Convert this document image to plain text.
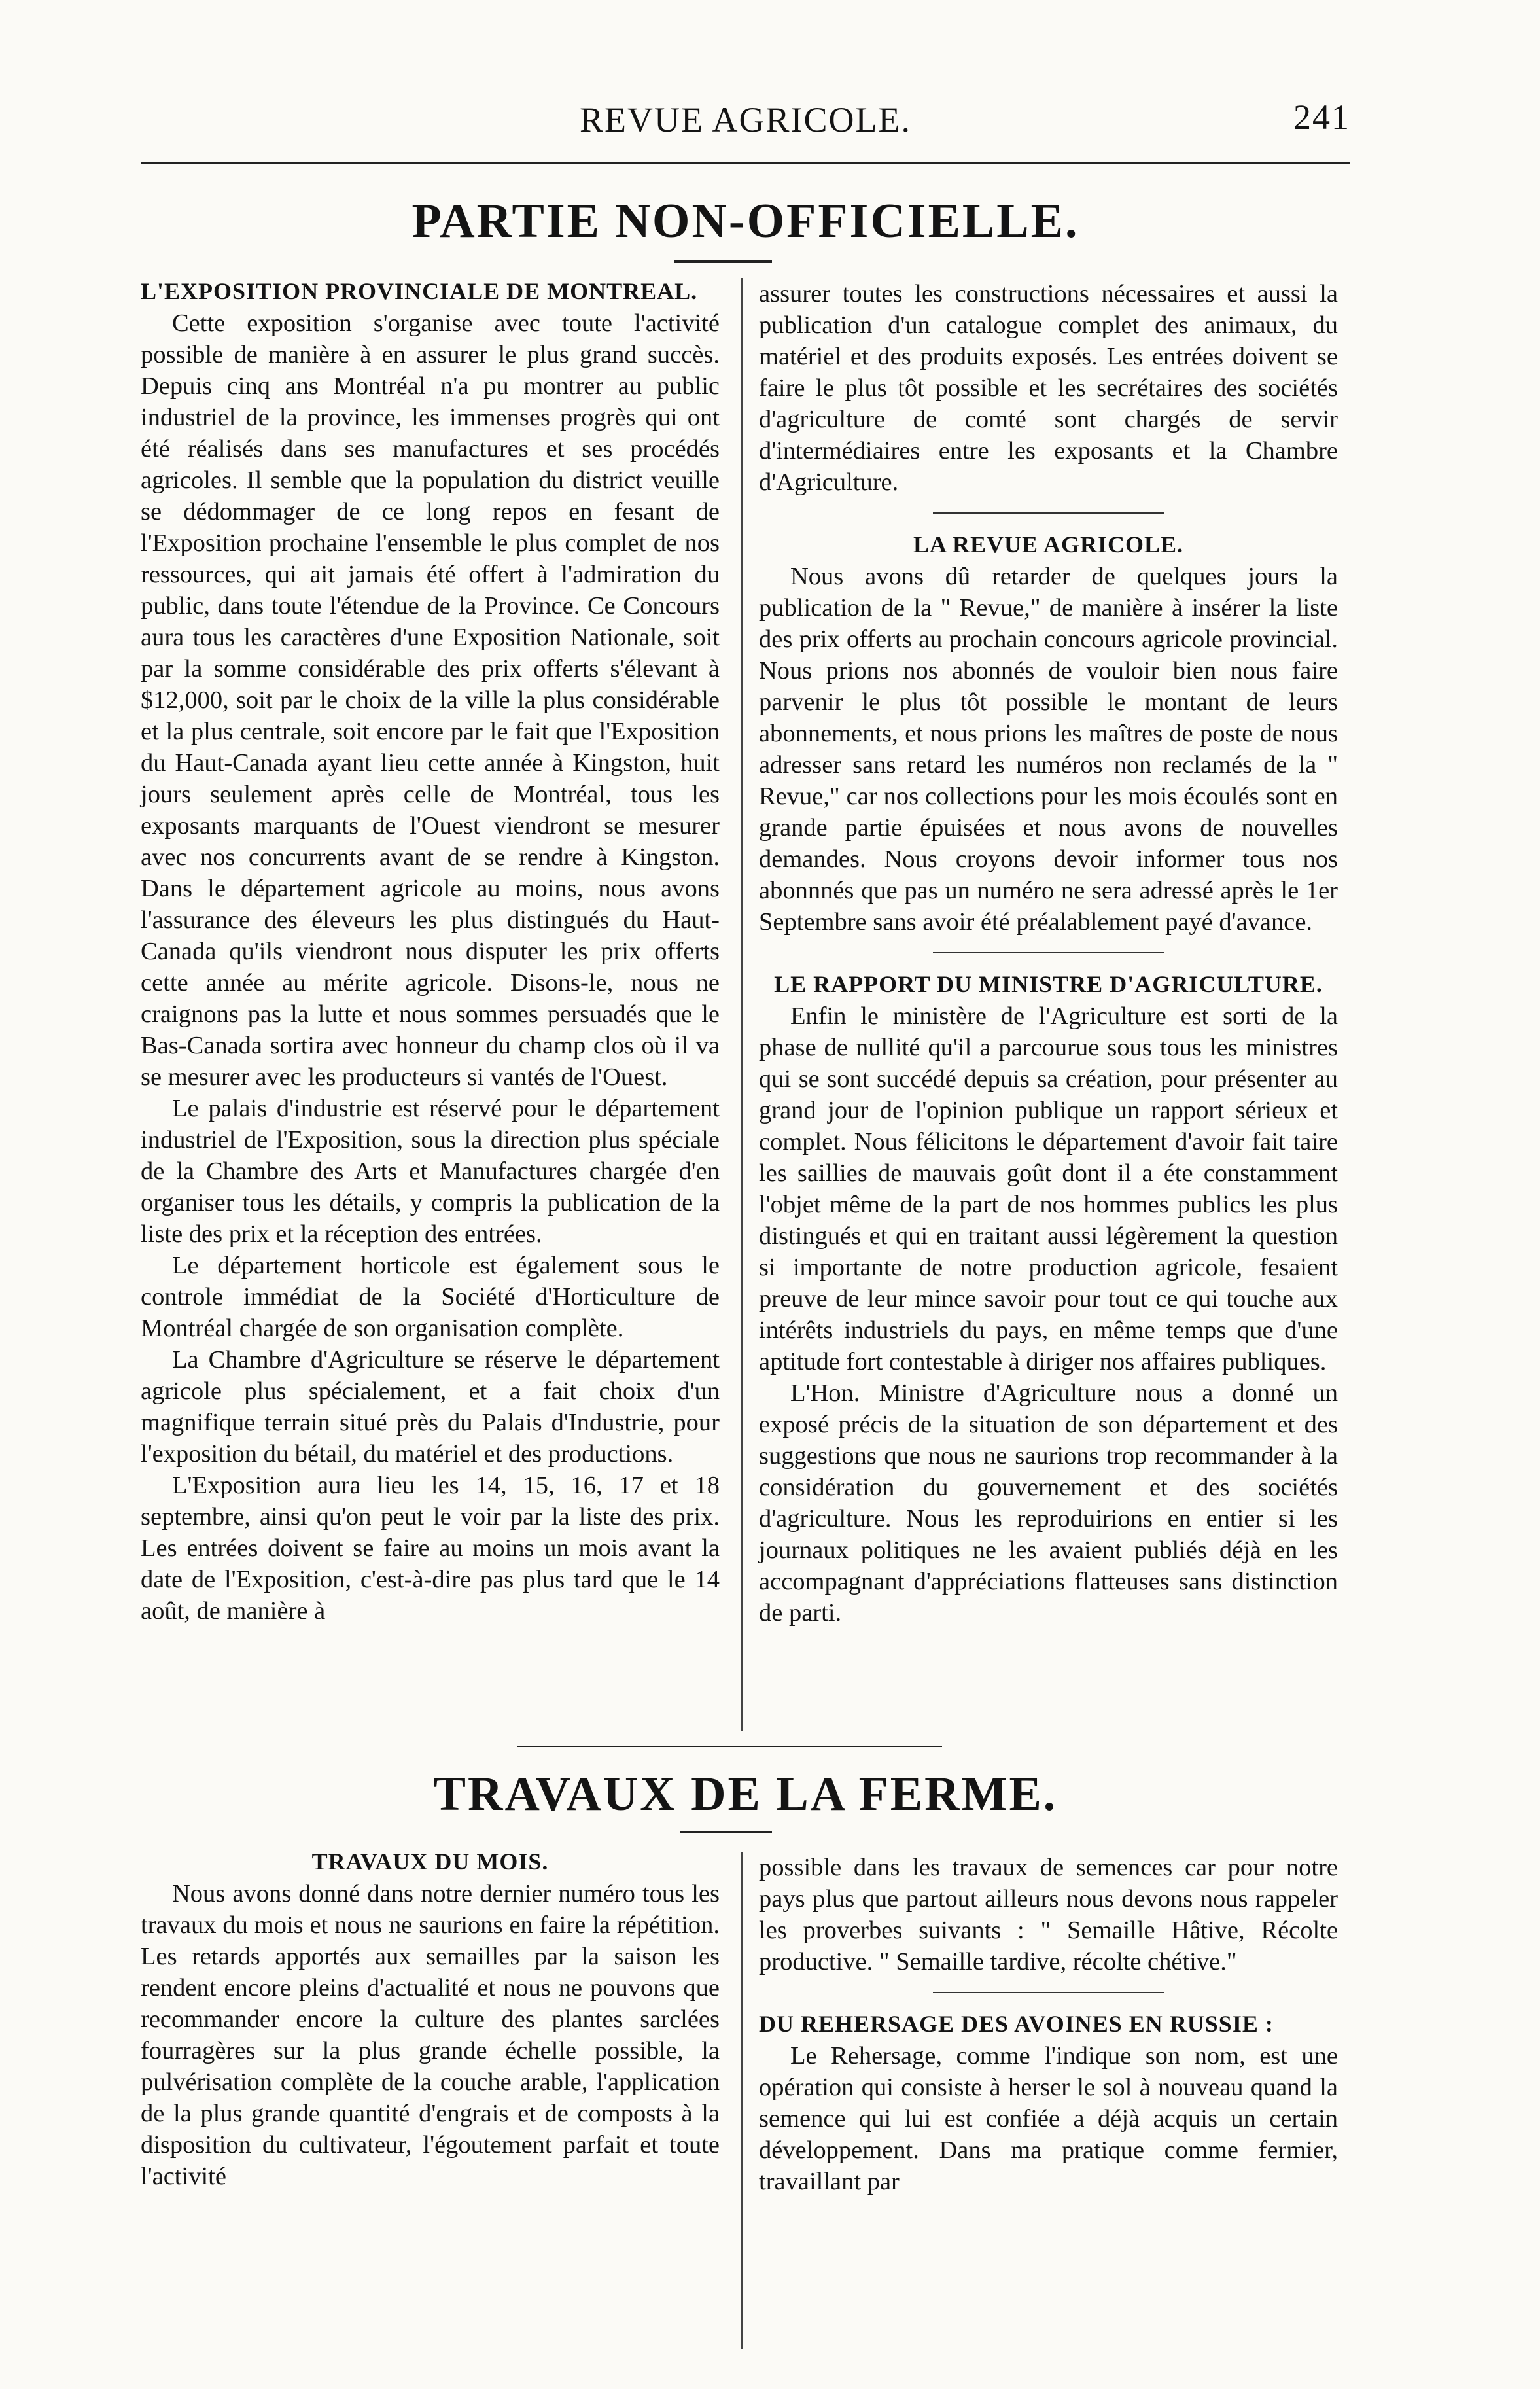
REVUE AGRICOLE.	241
PARTIE NON-OFFICIELLE.
L'EXPOSITION PROVINCIALE DE MONTREAL.

Cette exposition s'organise avec toute l'activité possible de manière à en assurer le plus grand succès. Depuis cinq ans Montréal n'a pu montrer au public industriel de la province, les immenses progrès qui ont été réalisés dans ses manufactures et ses procédés agricoles. Il semble que la population du district veuille se dédommager de ce long repos en fesant de l'Exposition prochaine l'ensemble le plus complet de nos ressources, qui ait jamais été offert à l'admiration du public, dans toute l'étendue de la Province. Ce Concours aura tous les caractères d'une Exposition Nationale, soit par la somme considérable des prix offerts s'élevant à $12,000, soit par le choix de la ville la plus considérable et la plus centrale, soit encore par le fait que l'Exposition du Haut-Canada ayant lieu cette année à Kingston, huit jours seulement après celle de Montréal, tous les exposants marquants de l'Ouest viendront se mesurer avec nos concurrents avant de se rendre à Kingston. Dans le département agricole au moins, nous avons l'assurance des éleveurs les plus distingués du Haut-Canada qu'ils viendront nous disputer les prix offerts cette année au mérite agricole. Disons-le, nous ne craignons pas la lutte et nous sommes persuadés que le Bas-Canada sortira avec honneur du champ clos où il va se mesurer avec les producteurs si vantés de l'Ouest.

Le palais d'industrie est réservé pour le département industriel de l'Exposition, sous la direction plus spéciale de la Chambre des Arts et Manufactures chargée d'en organiser tous les détails, y compris la publication de la liste des prix et la réception des entrées.

Le département horticole est également sous le controle immédiat de la Société d'Horticulture de Montréal chargée de son organisation complète.

La Chambre d'Agriculture se réserve le département agricole plus spécialement, et a fait choix d'un magnifique terrain situé près du Palais d'Industrie, pour l'exposition du bétail, du matériel et des productions.

L'Exposition aura lieu les 14, 15, 16, 17 et 18 septembre, ainsi qu'on peut le voir par la liste des prix. Les entrées doivent se faire au moins un mois avant la date de l'Exposition, c'est-à-dire pas plus tard que le 14 août, de manière à

assurer toutes les constructions nécessaires et aussi la publication d'un catalogue complet des animaux, du matériel et des produits exposés. Les entrées doivent se faire le plus tôt possible et les secrétaires des sociétés d'agriculture de comté sont chargés de servir d'intermédiaires entre les exposants et la Chambre d'Agriculture.

LA REVUE AGRICOLE.

Nous avons dû retarder de quelques jours la publication de la " Revue," de manière à insérer la liste des prix offerts au prochain concours agricole provincial. Nous prions nos abonnés de vouloir bien nous faire parvenir le plus tôt possible le montant de leurs abonnements, et nous prions les maîtres de poste de nous adresser sans retard les numéros non reclamés de la " Revue," car nos collections pour les mois écoulés sont en grande partie épuisées et nous avons de nouvelles demandes. Nous croyons devoir informer tous nos abonnnés que pas un numéro ne sera adressé après le 1er Septembre sans avoir été préalablement payé d'avance.

LE RAPPORT DU MINISTRE D'AGRICULTURE.

Enfin le ministère de l'Agriculture est sorti de la phase de nullité qu'il a parcourue sous tous les ministres qui se sont succédé depuis sa création, pour présenter au grand jour de l'opinion publique un rapport sérieux et complet. Nous félicitons le département d'avoir fait taire les saillies de mauvais goût dont il a éte constamment l'objet même de la part de nos hommes publics les plus distingués et qui en traitant aussi légèrement la question si importante de notre production agricole, fesaient preuve de leur mince savoir pour tout ce qui touche aux intérêts industriels du pays, en même temps que d'une aptitude fort contestable à diriger nos affaires publiques.

L'Hon. Ministre d'Agriculture nous a donné un exposé précis de la situation de son département et des suggestions que nous ne saurions trop recommander à la considération du gouvernement et des sociétés d'agriculture. Nous les reproduirions en entier si les journaux politiques ne les avaient publiés déjà en les accompagnant d'appréciations flatteuses sans distinction de parti.

TRAVAUX DE LA FERME.
TRAVAUX DU MOIS.

Nous avons donné dans notre dernier numéro tous les travaux du mois et nous ne saurions en faire la répétition. Les retards apportés aux semailles par la saison les rendent encore pleins d'actualité et nous ne pouvons que recommander encore la culture des plantes sarclées fourragères sur la plus grande échelle possible, la pulvérisation complète de la couche arable, l'application de la plus grande quantité d'engrais et de composts à la disposition du cultivateur, l'égoutement parfait et toute l'activité

possible dans les travaux de semences car pour notre pays plus que partout ailleurs nous devons nous rappeler les proverbes suivants : " Semaille Hâtive, Récolte productive. " Semaille tardive, récolte chétive."

DU REHERSAGE DES AVOINES EN RUSSIE :

Le Rehersage, comme l'indique son nom, est une opération qui consiste à herser le sol à nouveau quand la semence qui lui est confiée a déjà acquis un certain développement. Dans ma pratique comme fermier, travaillant par
